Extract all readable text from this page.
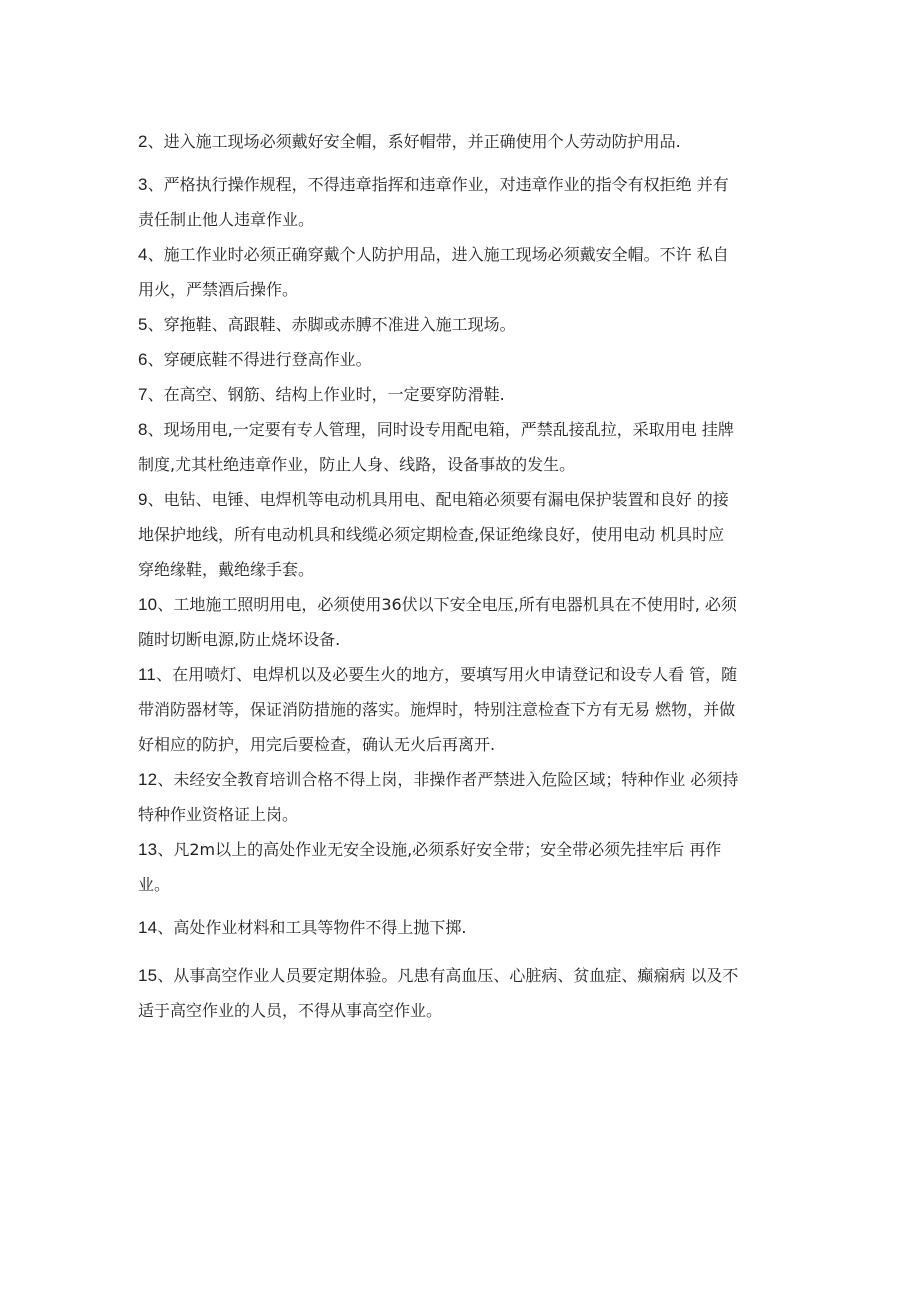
2、进入施工现场必须戴好安全帽，系好帽带，并正确使用个人劳动防护用品.
3、严格执行操作规程，不得违章指挥和违章作业，对违章作业的指令有权拒绝 并有
责任制止他人违章作业。
4、施工作业时必须正确穿戴个人防护用品，进入施工现场必须戴安全帽。不许 私自
用火，严禁酒后操作。
5、穿拖鞋、高跟鞋、赤脚或赤膊不准进入施工现场。
6、穿硬底鞋不得进行登高作业。
7、在高空、钢筋、结构上作业时，一定要穿防滑鞋.
8、现场用电,一定要有专人管理，同时设专用配电箱，严禁乱接乱拉，采取用电 挂牌
制度,尤其杜绝违章作业，防止人身、线路，设备事故的发生。
9、电钻、电锤、电焊机等电动机具用电、配电箱必须要有漏电保护装置和良好 的接
地保护地线，所有电动机具和线缆必须定期检查,保证绝缘良好，使用电动 机具时应
穿绝缘鞋，戴绝缘手套。
10、工地施工照明用电，必须使用36伏以下安全电压,所有电器机具在不使用时, 必须
随时切断电源,防止烧坏设备.
11、在用喷灯、电焊机以及必要生火的地方，要填写用火申请登记和设专人看 管，随
带消防器材等，保证消防措施的落实。施焊时，特别注意检查下方有无易 燃物，并做
好相应的防护，用完后要检查，确认无火后再离开.
12、未经安全教育培训合格不得上岗，非操作者严禁进入危险区域；特种作业 必须持
特种作业资格证上岗。
13、凡2m以上的高处作业无安全设施,必须系好安全带；安全带必须先挂牢后 再作
业。
14、高处作业材料和工具等物件不得上抛下掷.
15、从事高空作业人员要定期体验。凡患有高血压、心脏病、贫血症、癫痫病 以及不
适于高空作业的人员，不得从事高空作业。
